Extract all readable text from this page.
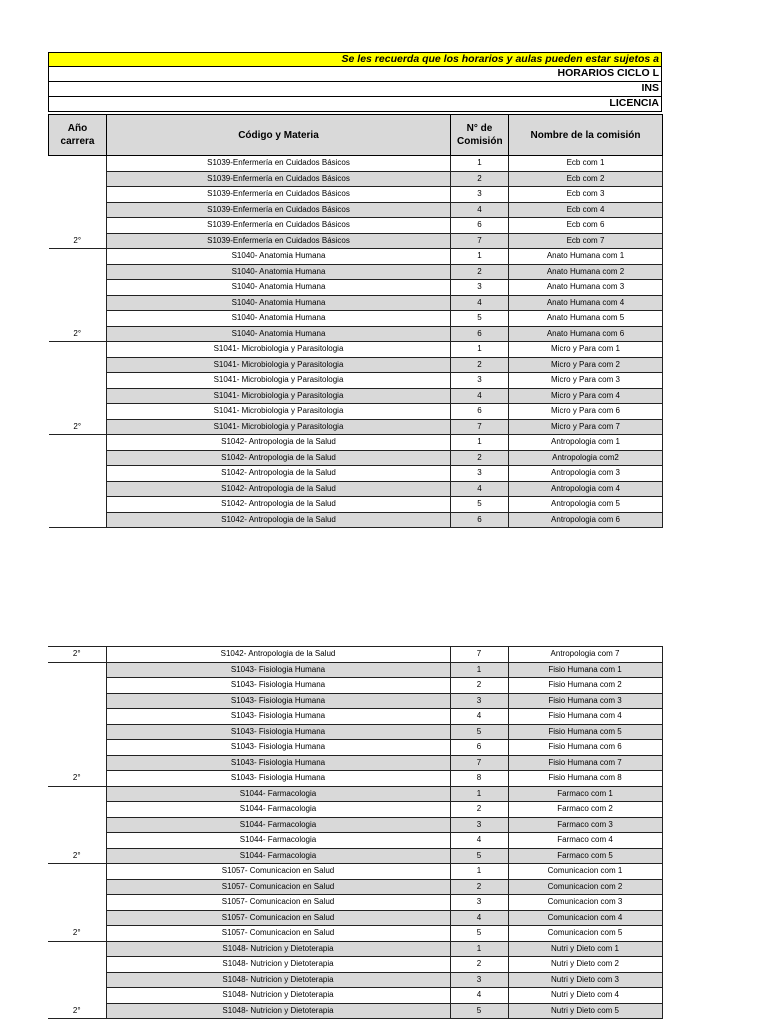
Se les recuerda que los horarios y aulas pueden estar sujetos a
HORARIOS CICLO L
INS
LICENCIA
Año carrera	Código y Materia	N° de Comisión	Nombre de la comisión
	S1039-Enfermería en Cuidados Básicos	1	Ecb com 1
	S1039-Enfermería en Cuidados Básicos	2	Ecb com 2
	S1039-Enfermería en Cuidados Básicos	3	Ecb com 3
	S1039-Enfermería en Cuidados Básicos	4	Ecb com 4
	S1039-Enfermería en Cuidados Básicos	6	Ecb com 6
2°	S1039-Enfermería en Cuidados Básicos	7	Ecb com 7
	S1040- Anatomia Humana	1	Anato Humana com 1
	S1040- Anatomia Humana	2	Anato Humana com 2
	S1040- Anatomia Humana	3	Anato Humana com 3
	S1040- Anatomia Humana	4	Anato Humana com 4
	S1040- Anatomia Humana	5	Anato Humana com 5
2°	S1040- Anatomia Humana	6	Anato Humana com 6
	S1041- Microbiologia y Parasitologia	1	Micro y Para com 1
	S1041- Microbiologia y Parasitologia	2	Micro y Para com 2
	S1041- Microbiologia y Parasitologia	3	Micro y Para com 3
	S1041- Microbiologia y Parasitologia	4	Micro y Para com 4
	S1041- Microbiologia y Parasitologia	6	Micro y Para com 6
2°	S1041- Microbiologia y Parasitologia	7	Micro y Para com 7
	S1042- Antropologia de la Salud	1	Antropologia com 1
	S1042- Antropologia de la Salud	2	Antropologia com2
	S1042- Antropologia de la Salud	3	Antropologia com 3
	S1042- Antropologia de la Salud	4	Antropologia com 4
	S1042- Antropologia de la Salud	5	Antropologia com 5
	S1042- Antropologia de la Salud	6	Antropologia com 6
2°	S1042- Antropologia de la Salud	7	Antropologia com 7
	S1043- Fisiologia Humana	1	Fisio Humana com 1
	S1043- Fisiologia Humana	2	Fisio Humana com 2
	S1043- Fisiologia Humana	3	Fisio Humana com 3
	S1043- Fisiologia Humana	4	Fisio Humana com 4
	S1043- Fisiologia Humana	5	Fisio Humana com 5
	S1043- Fisiologia Humana	6	Fisio Humana com 6
	S1043- Fisiologia Humana	7	Fisio Humana com 7
2°	S1043- Fisiologia Humana	8	Fisio Humana com 8
	S1044- Farmacologia	1	Farmaco com 1
	S1044- Farmacologia	2	Farmaco com 2
	S1044- Farmacologia	3	Farmaco com 3
	S1044- Farmacologia	4	Farmaco com 4
2°	S1044- Farmacologia	5	Farmaco com 5
	S1057- Comunicacion en Salud	1	Comunicacion com 1
	S1057- Comunicacion en Salud	2	Comunicacion com 2
	S1057- Comunicacion en Salud	3	Comunicacion com 3
	S1057- Comunicacion en Salud	4	Comunicacion com 4
2°	S1057- Comunicacion en Salud	5	Comunicacion com 5
	S1048- Nutricion y Dietoterapia	1	Nutri y Dieto com 1
	S1048- Nutricion y Dietoterapia	2	Nutri y Dieto com 2
	S1048- Nutricion y Dietoterapia	3	Nutri y Dieto com 3
	S1048- Nutricion y Dietoterapia	4	Nutri y Dieto com 4
2°	S1048- Nutricion y Dietoterapia	5	Nutri y Dieto com 5
